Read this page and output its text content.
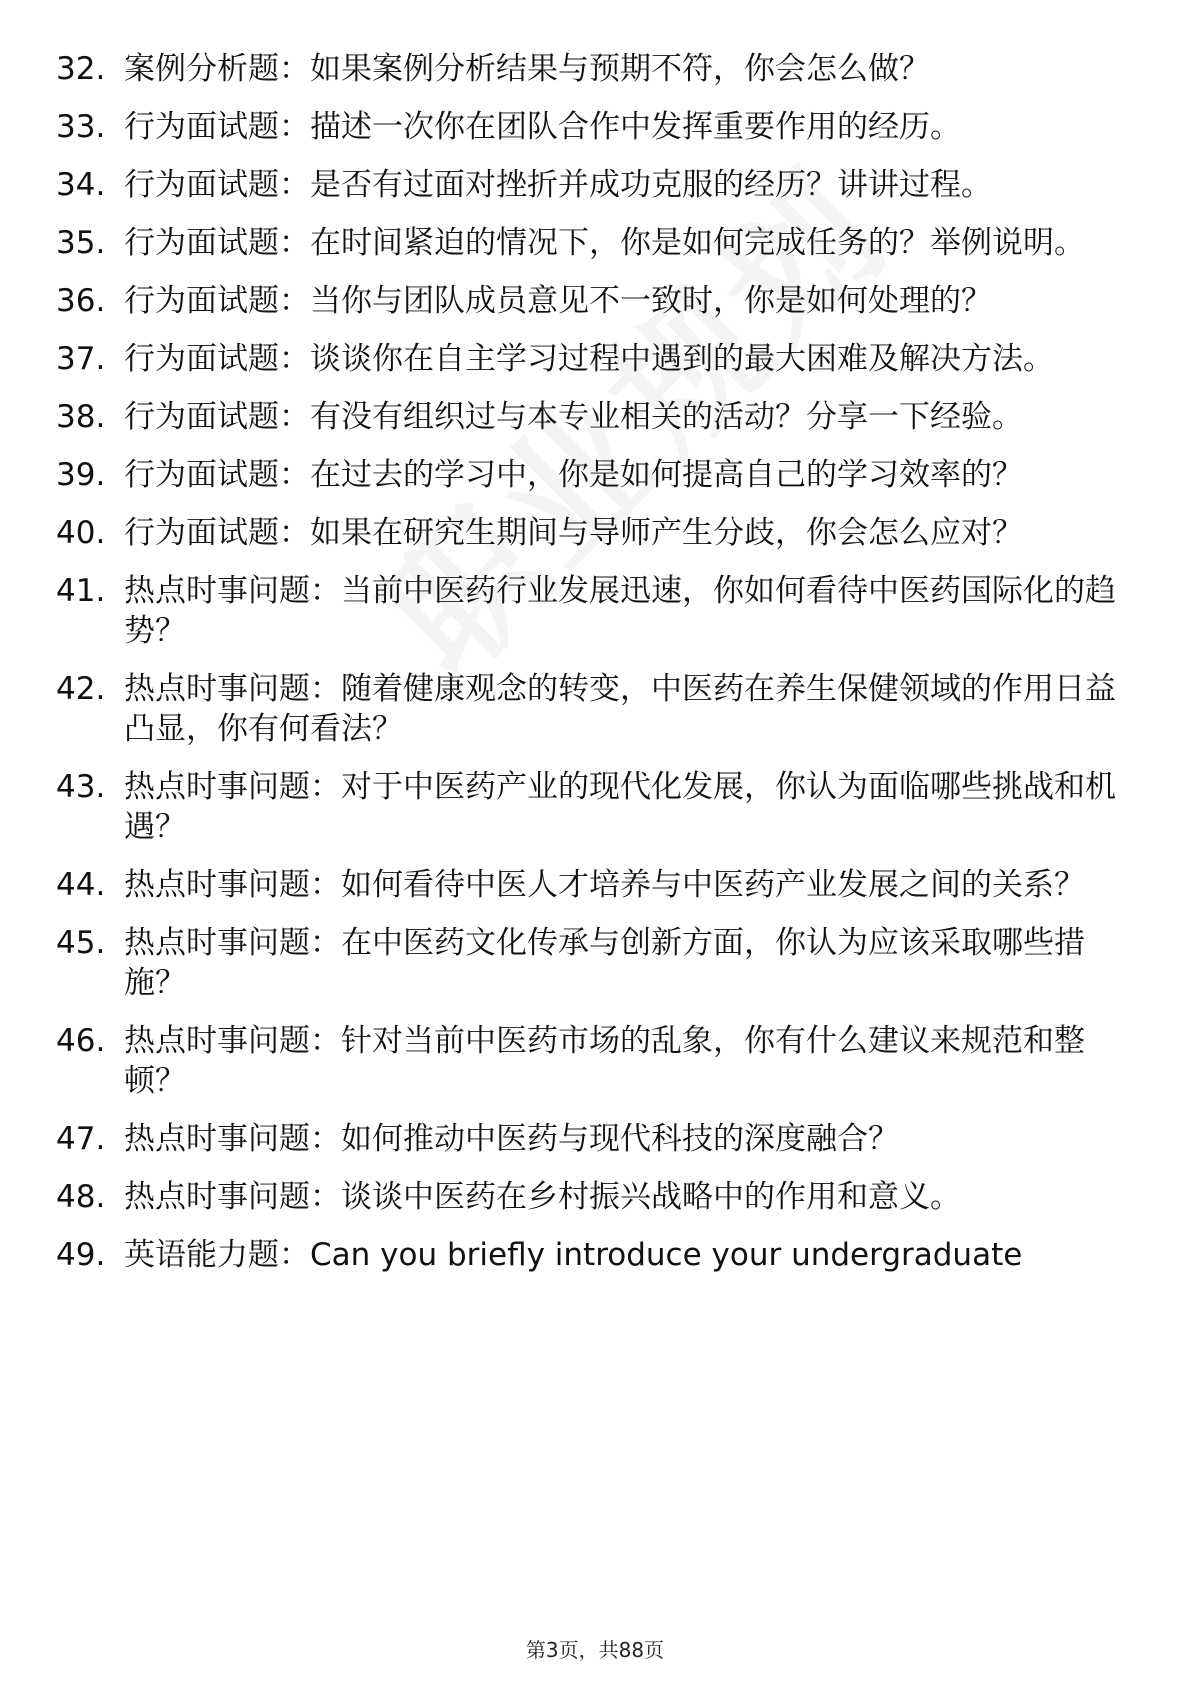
32. 案例分析题：如果案例分析结果与预期不符，你会怎么做？
33. 行为面试题：描述一次你在团队合作中发挥重要作用的经历。
34. 行为面试题：是否有过面对挫折并成功克服的经历？讲讲过程。
35. 行为面试题：在时间紧迫的情况下，你是如何完成任务的？举例说明。
36. 行为面试题：当你与团队成员意见不一致时，你是如何处理的？
37. 行为面试题：谈谈你在自主学习过程中遇到的最大困难及解决方法。
38. 行为面试题：有没有组织过与本专业相关的活动？分享一下经验。
39. 行为面试题：在过去的学习中，你是如何提高自己的学习效率的？
40. 行为面试题：如果在研究生期间与导师产生分歧，你会怎么应对？
41. 热点时事问题：当前中医药行业发展迅速，你如何看待中医药国际化的趋势？
42. 热点时事问题：随着健康观念的转变，中医药在养生保健领域的作用日益凸显，你有何看法？
43. 热点时事问题：对于中医药产业的现代化发展，你认为面临哪些挑战和机遇？
44. 热点时事问题：如何看待中医人才培养与中医药产业发展之间的关系？
45. 热点时事问题：在中医药文化传承与创新方面，你认为应该采取哪些措施？
46. 热点时事问题：针对当前中医药市场的乱象，你有什么建议来规范和整顿？
47. 热点时事问题：如何推动中医药与现代科技的深度融合？
48. 热点时事问题：谈谈中医药在乡村振兴战略中的作用和意义。
49. 英语能力题：Can you briefly introduce your undergraduate
第3页，共88页
